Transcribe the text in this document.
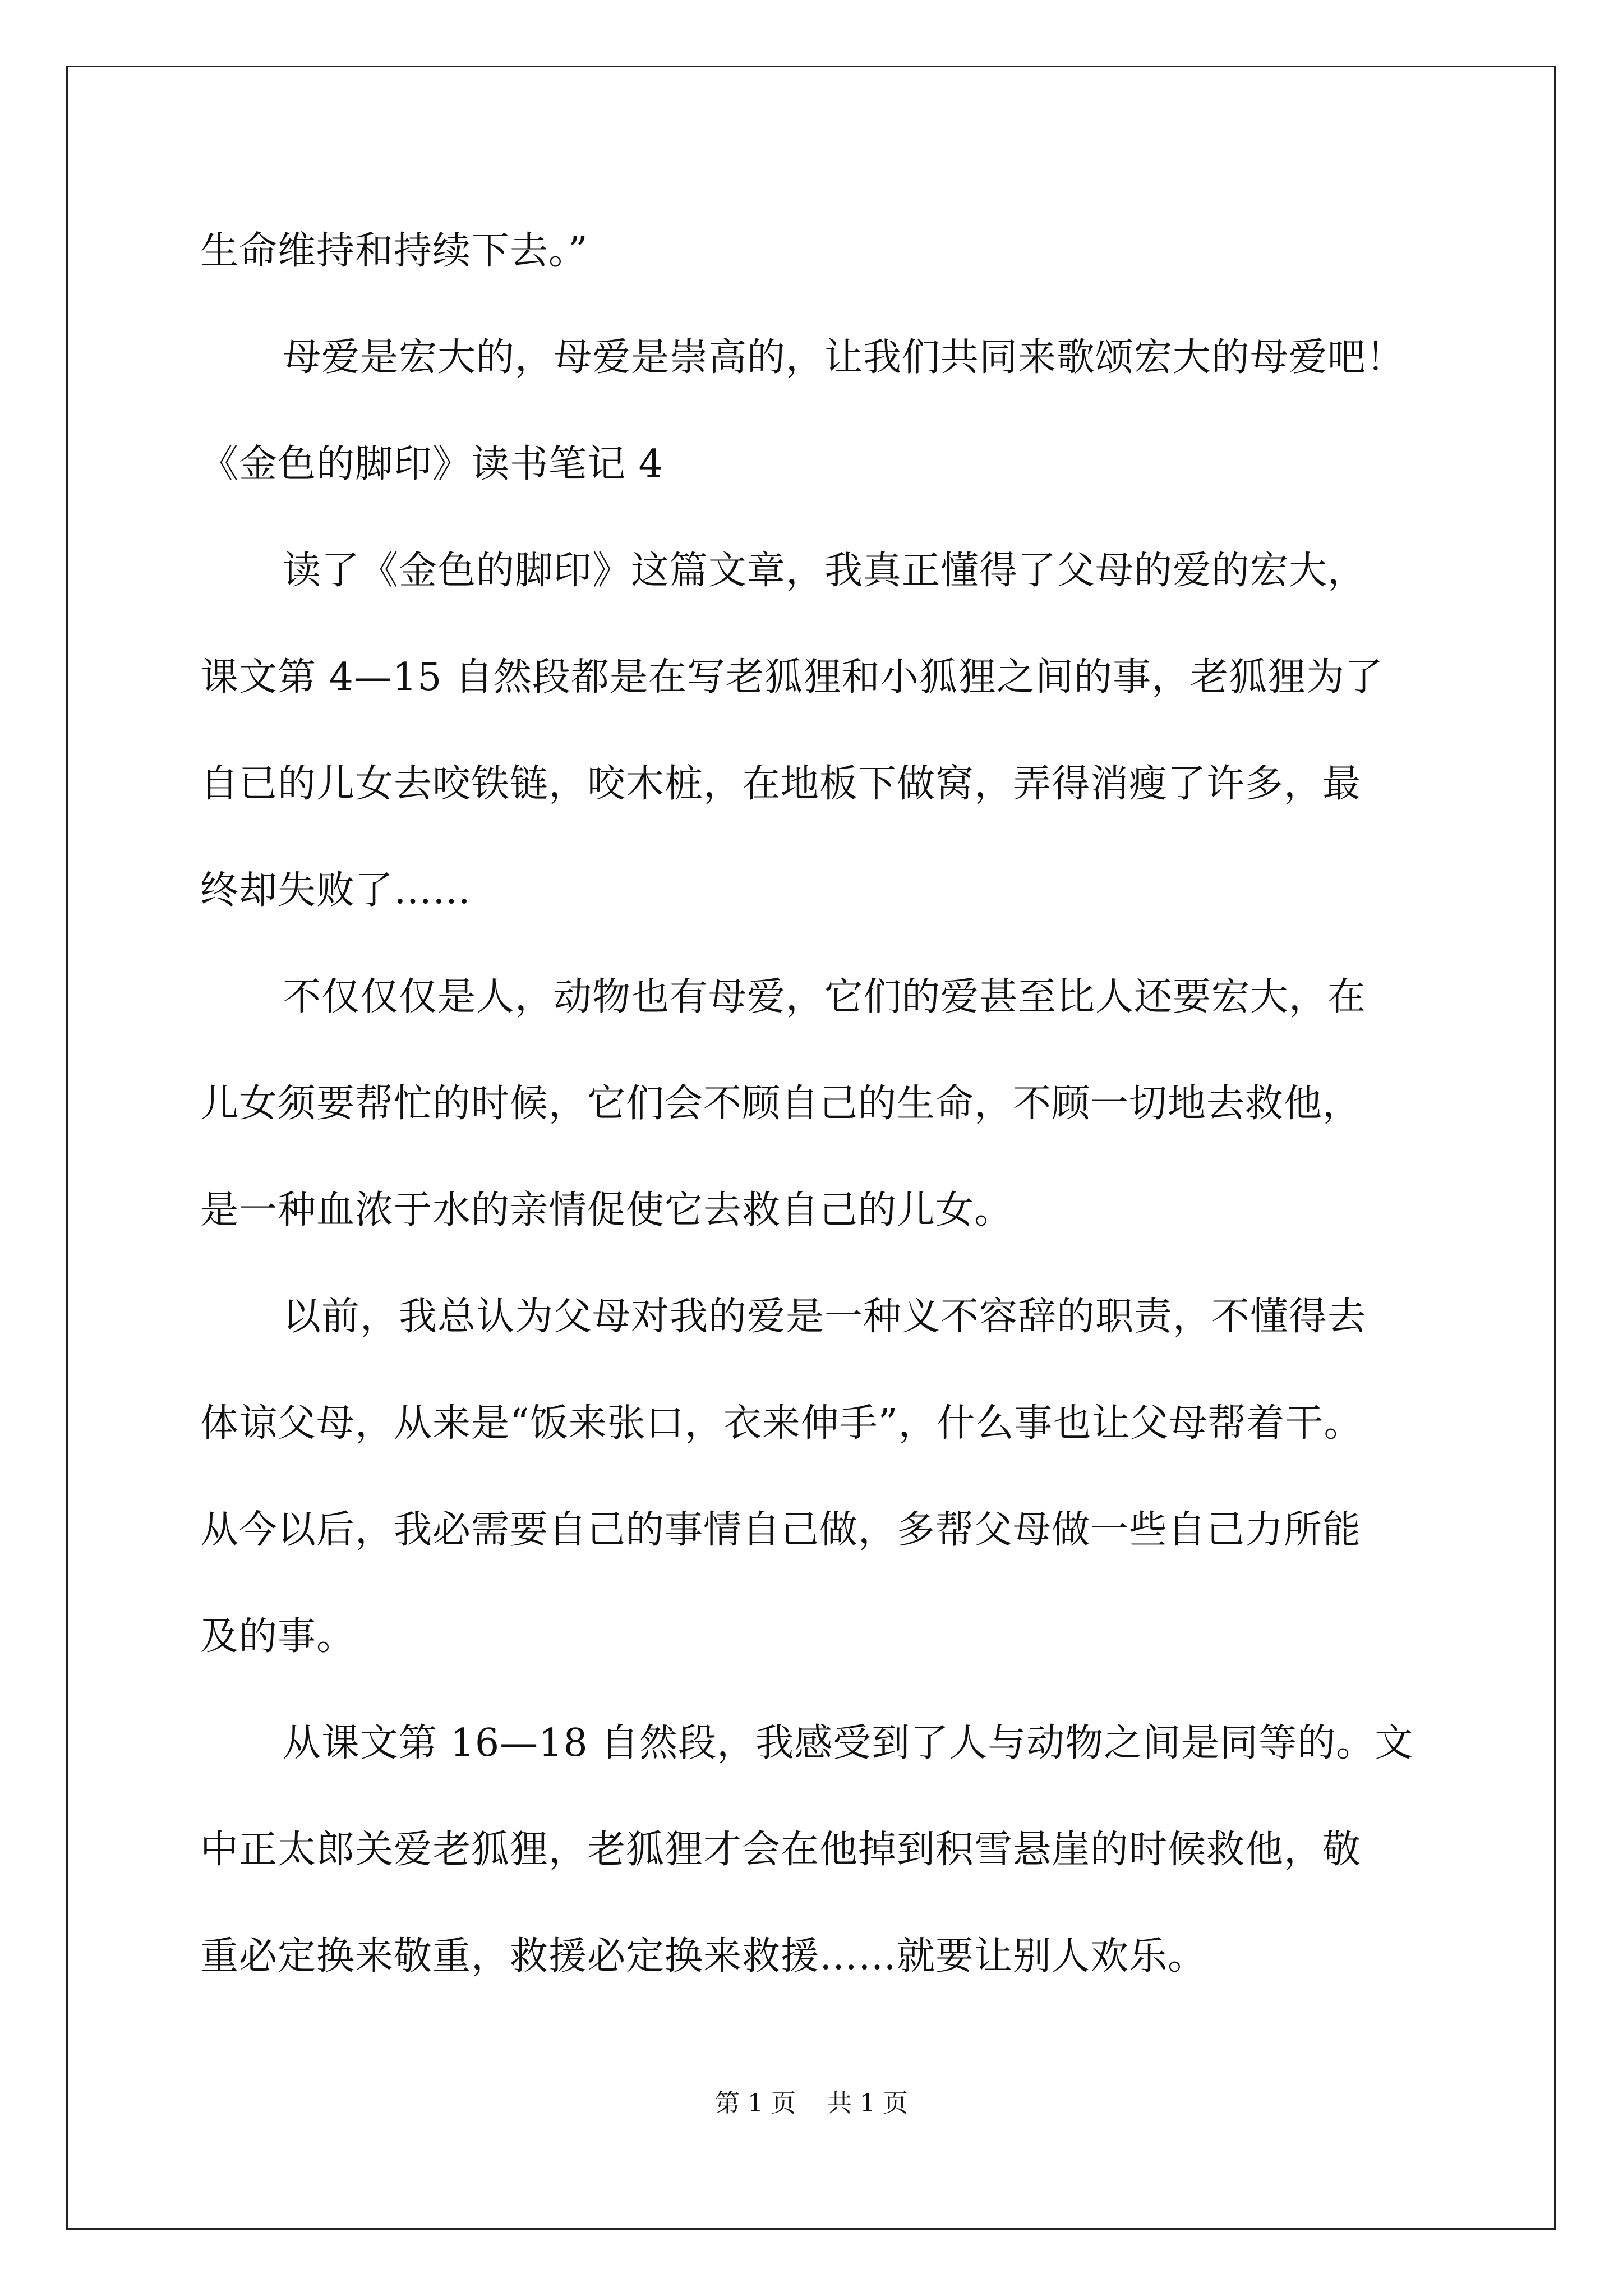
生命维持和持续下去。”
母爱是宏大的，母爱是崇高的，让我们共同来歌颂宏大的母爱吧！
《金色的脚印》读书笔记 4
读了《金色的脚印》这篇文章，我真正懂得了父母的爱的宏大，
课文第 4—15 自然段都是在写老狐狸和小狐狸之间的事，老狐狸为了
自已的儿女去咬铁链，咬木桩，在地板下做窝，弄得消瘦了许多，最
终却失败了……
不仅仅仅是人，动物也有母爱，它们的爱甚至比人还要宏大，在
儿女须要帮忙的时候，它们会不顾自己的生命，不顾一切地去救他，
是一种血浓于水的亲情促使它去救自己的儿女。
以前，我总认为父母对我的爱是一种义不容辞的职责，不懂得去
体谅父母，从来是“饭来张口，衣来伸手”，什么事也让父母帮着干。
从今以后，我必需要自己的事情自己做，多帮父母做一些自己力所能
及的事。
从课文第 16—18 自然段，我感受到了人与动物之间是同等的。文
中正太郎关爱老狐狸，老狐狸才会在他掉到积雪悬崖的时候救他，敬
重必定换来敬重，救援必定换来救援……就要让别人欢乐。
第 1 页    共 1 页
